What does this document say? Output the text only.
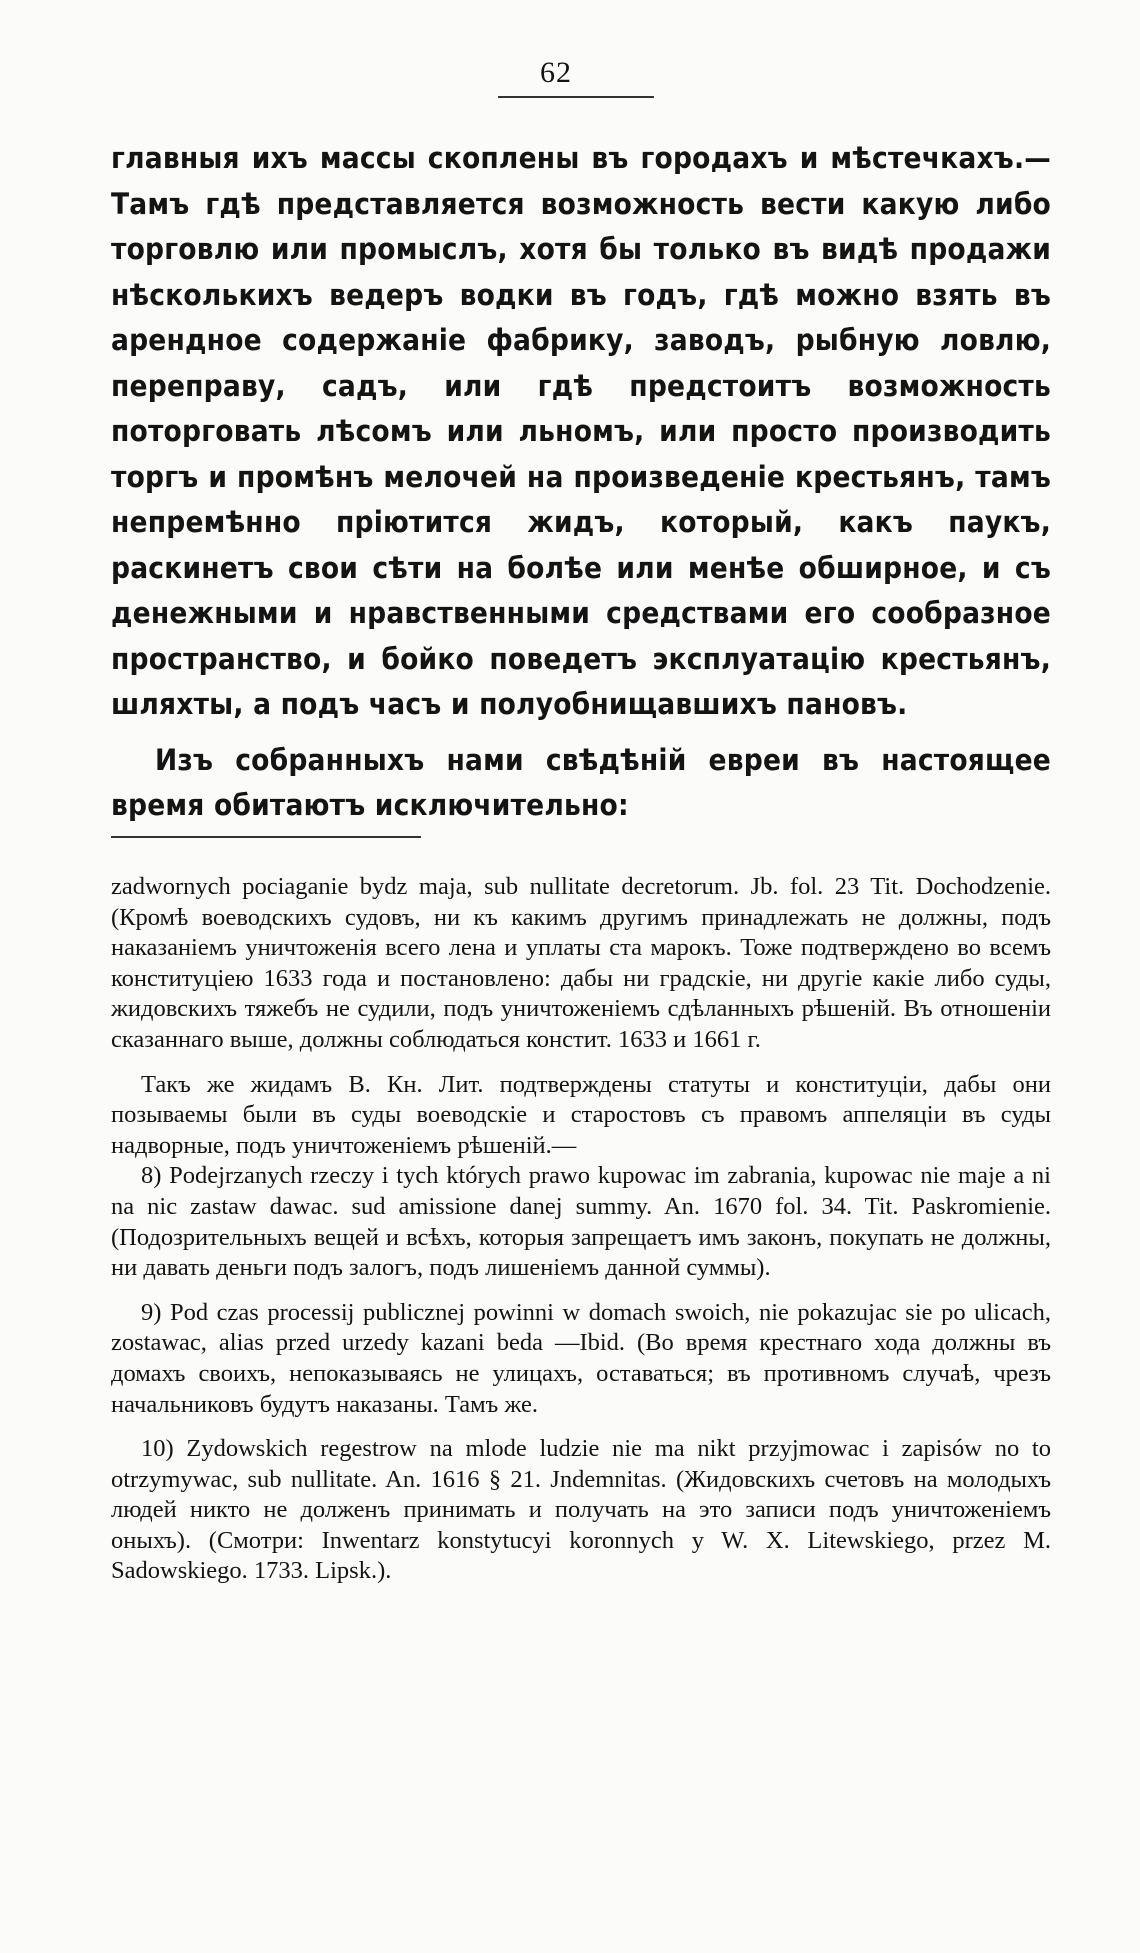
62

главныя ихъ массы скоплены въ городахъ и мѣстечкахъ.—Тамъ гдѣ представляется возможность вести какую либо торговлю или промыслъ, хотя бы только въ видѣ продажи нѣсколькихъ ведеръ водки въ годъ, гдѣ можно взять въ арендное содержаніе фабрику, заводъ, рыбную ловлю, переправу, садъ, или гдѣ предстоитъ возможность поторговать лѣсомъ или льномъ, или просто производить торгъ и промѣнъ мелочей на произведеніе крестьянъ, тамъ непремѣнно пріютится жидъ, который, какъ паукъ, раскинетъ свои сѣти на болѣе или менѣе обширное, и съ денежными и нравственными средствами его сообразное пространство, и бойко поведетъ эксплуатацію крестьянъ, шляхты, а подъ часъ и полуобнищавшихъ пановъ.

Изъ собранныхъ нами свѣдѣній евреи въ настоящее время обитаютъ исключительно:

zadwornych pociaganie bydz maja, sub nullitate decretorum. Jb. fol. 23 Tit. Dochodzenie. (Кромѣ воеводскихъ судовъ, ни къ какимъ другимъ принадлежать не должны, подъ наказаніемъ уничтоженія всего лена и уплаты ста марокъ. Тоже подтверждено во всемъ конституціею 1633 года и постановлено: дабы ни градскіе, ни другіе какіе либо суды, жидовскихъ тяжебъ не судили, подъ уничтоженіемъ сдѣланныхъ рѣшеній. Въ отношеніи сказаннаго выше, должны соблюдаться констит. 1633 и 1661 г.

Такъ же жидамъ В. Кн. Лит. подтверждены статуты и конституціи, дабы они позываемы были въ суды воеводскіе и старостовъ съ правомъ аппеляціи въ суды надворные, подъ уничтоженіемъ рѣшеній.—

8) Podejrzanych rzeczy i tych których prawo kupowac im zabrania, kupowac nie maje a ni na nic zastaw dawac. sud amissione danej summy. An. 1670 fol. 34. Tit. Paskromienie. (Подозрительныхъ вещей и всѣхъ, которыя запрещаетъ имъ законъ, покупать не должны, ни давать деньги подъ залогъ, подъ лишеніемъ данной суммы).

9) Pod czas processij publicznej powinni w domach swoich, nie pokazujac sie po ulicach, zostawac, alias przed urzedy kazani beda —Ibid. (Во время крестнаго хода должны въ домахъ своихъ, непоказываясь не улицахъ, оставаться; въ противномъ случаѣ, чрезъ начальниковъ будутъ наказаны. Тамъ же.

10) Zydowskich regestrow na mlode ludzie nie ma nikt przyjmowac i zapisów no to otrzymywac, sub nullitate. An. 1616 § 21. Jndemnitas. (Жидовскихъ счетовъ на молодыхъ людей никто не долженъ принимать и получать на это записи подъ уничтоженіемъ оныхъ). (Смотри: Inwentarz konstytucyi koronnych y W. X. Litewskiego, przez M. Sadowskiego. 1733. Lipsk.).
